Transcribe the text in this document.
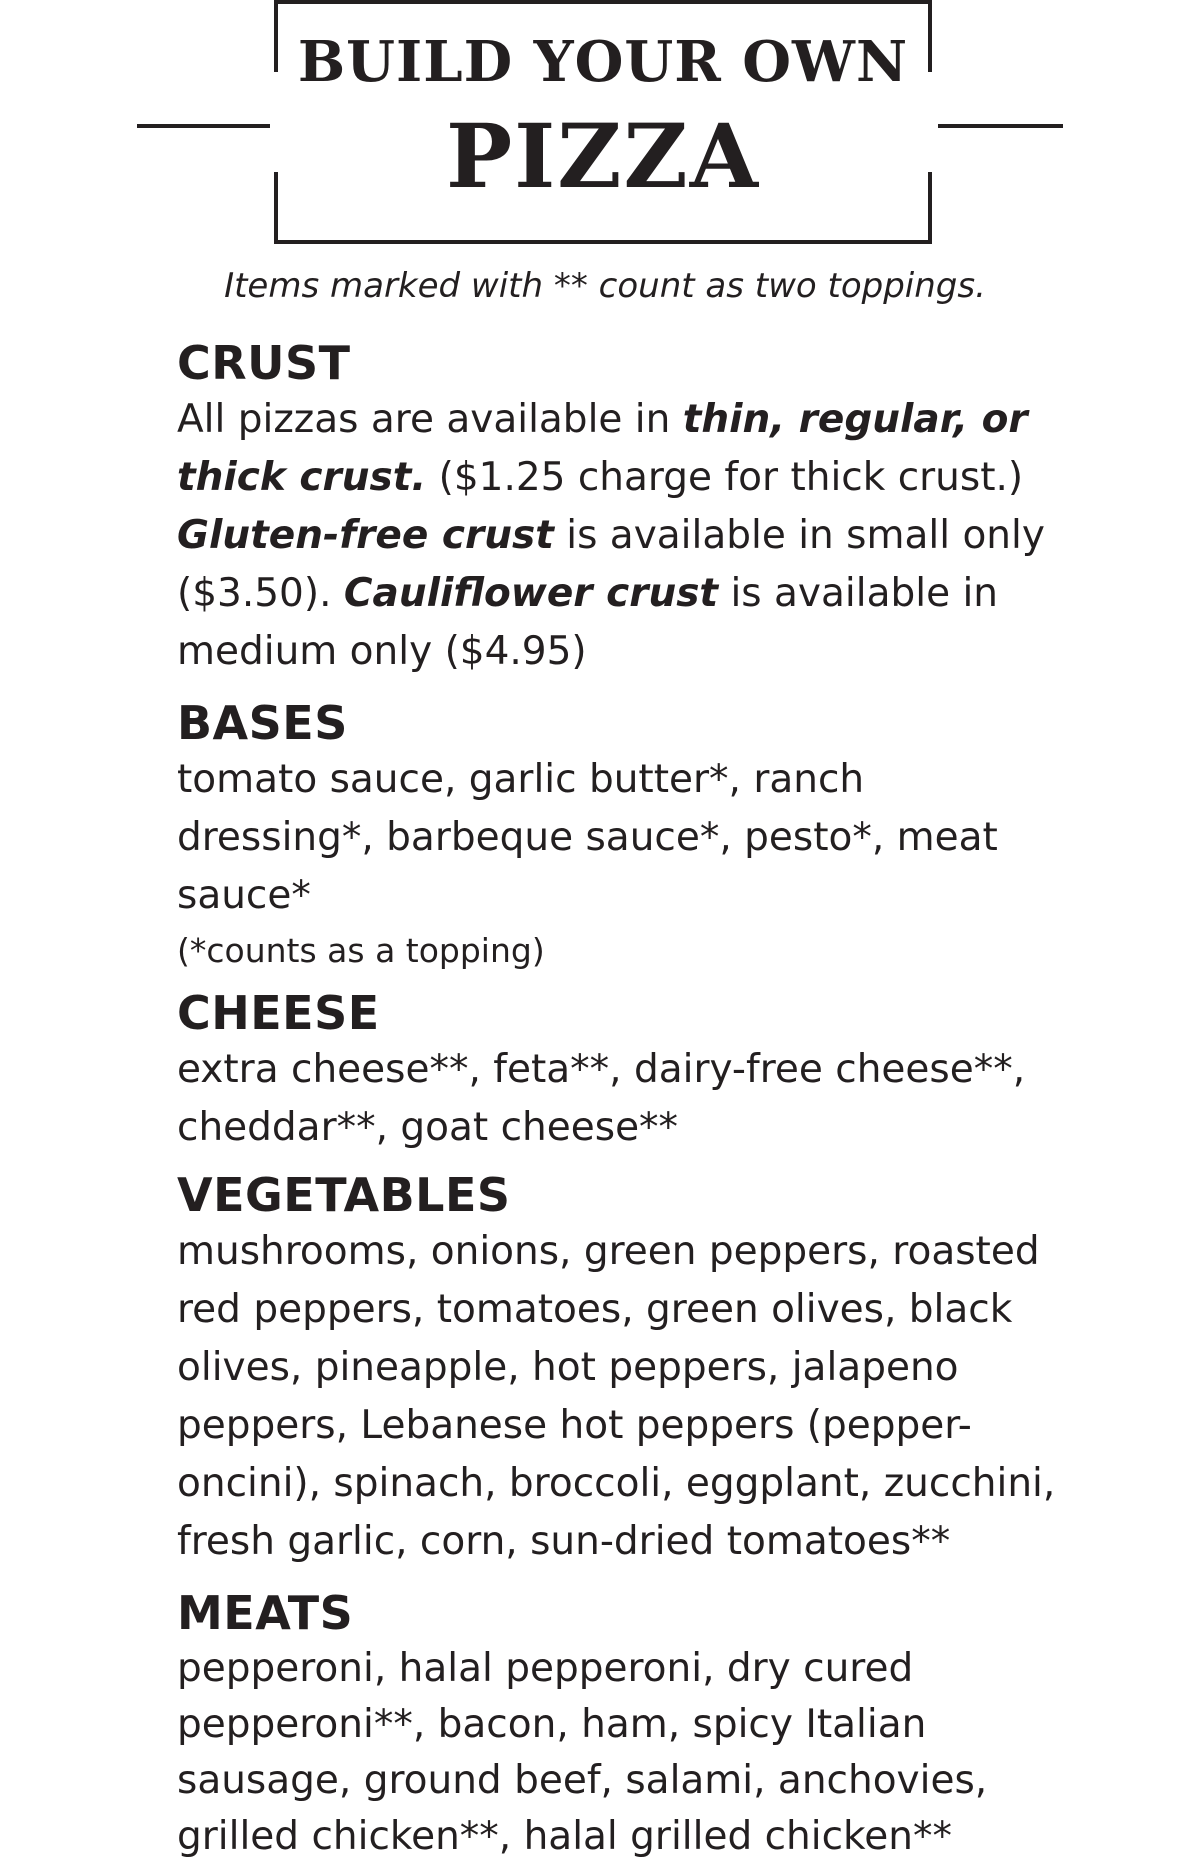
BUILD YOUR OWN
PIZZA
Items marked with ** count as two toppings.
CRUST

All pizzas are available in thin, regular, or thick crust. ($1.25 charge for thick crust.) Gluten-free crust is available in small only ($3.50). Cauliflower crust is available in medium only ($4.95)

BASES

tomato sauce, garlic butter*, ranch dressing*, barbeque sauce*, pesto*, meat sauce*

(*counts as a topping)

CHEESE

extra cheese**, feta**, dairy-free cheese**, cheddar**, goat cheese**

VEGETABLES

mushrooms, onions, green peppers, roasted red peppers, tomatoes, green olives, black olives, pineapple, hot peppers, jalapeno peppers, Lebanese hot peppers (pepper-oncini), spinach, broccoli, eggplant, zucchini, fresh garlic, corn, sun-dried tomatoes**

MEATS

pepperoni, halal pepperoni, dry cured pepperoni**, bacon, ham, spicy Italian sausage, ground beef, salami, anchovies, grilled chicken**, halal grilled chicken**
